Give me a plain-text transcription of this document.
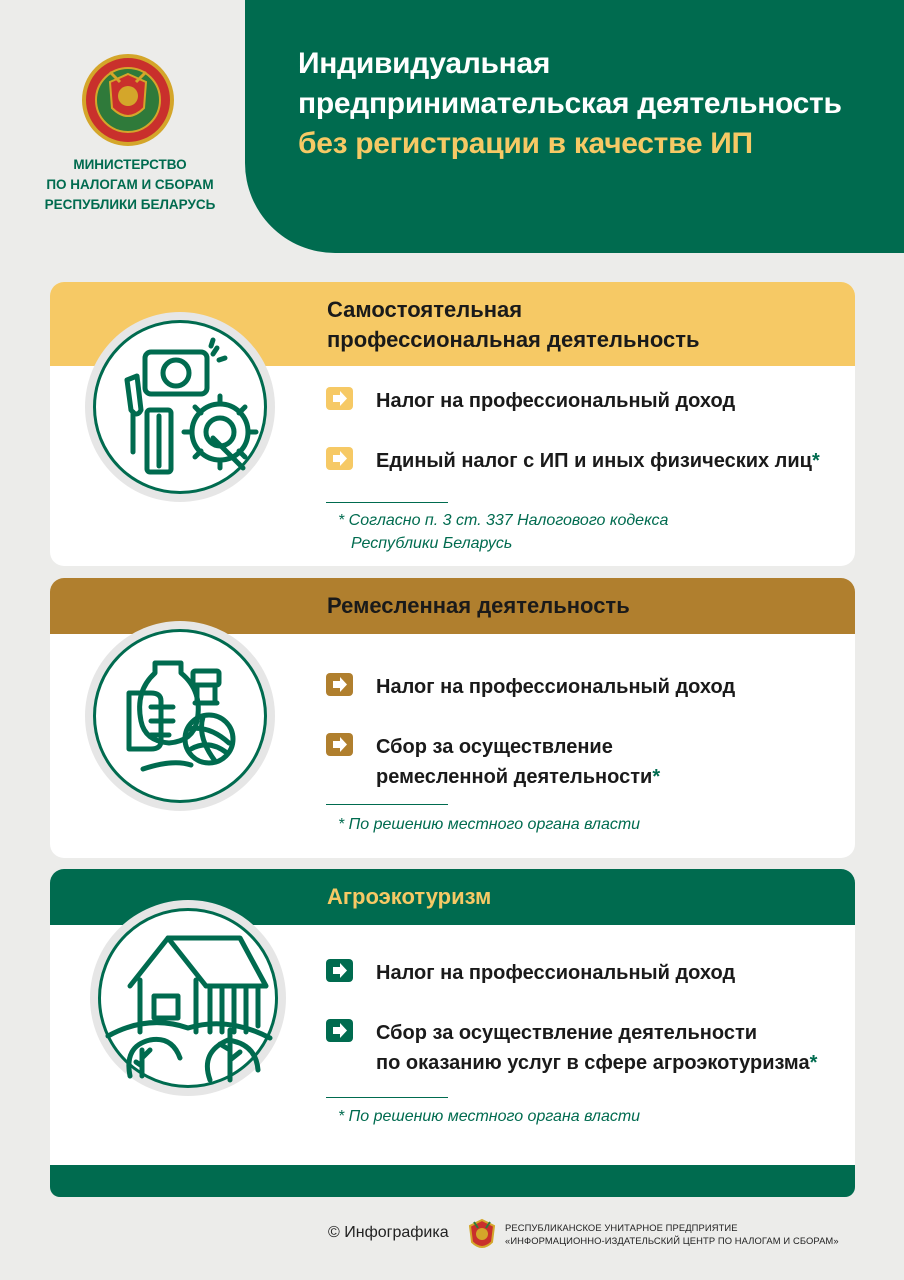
МИНИСТЕРСТВО
ПО НАЛОГАМ И СБОРАМ
РЕСПУБЛИКИ БЕЛАРУСЬ
Индивидуальная
предпринимательская деятельность
без регистрации в качестве ИП
Самостоятельная
профессиональная деятельность
Налог на профессиональный доход
Единый налог с ИП и иных физических лиц*
* Согласно п. 3 ст. 337 Налогового кодекса
Республики Беларусь
Ремесленная деятельность
Налог на профессиональный доход
Сбор за осуществление
ремесленной деятельности*
* По решению местного органа власти
Агроэкотуризм
Налог на профессиональный доход
Сбор за осуществление деятельности
по оказанию услуг в сфере агроэкотуризма*
* По решению местного органа власти
© Инфографика	РЕСПУБЛИКАНСКОЕ УНИТАРНОЕ ПРЕДПРИЯТИЕ
«ИНФОРМАЦИОННО-ИЗДАТЕЛЬСКИЙ ЦЕНТР ПО НАЛОГАМ И СБОРАМ»
